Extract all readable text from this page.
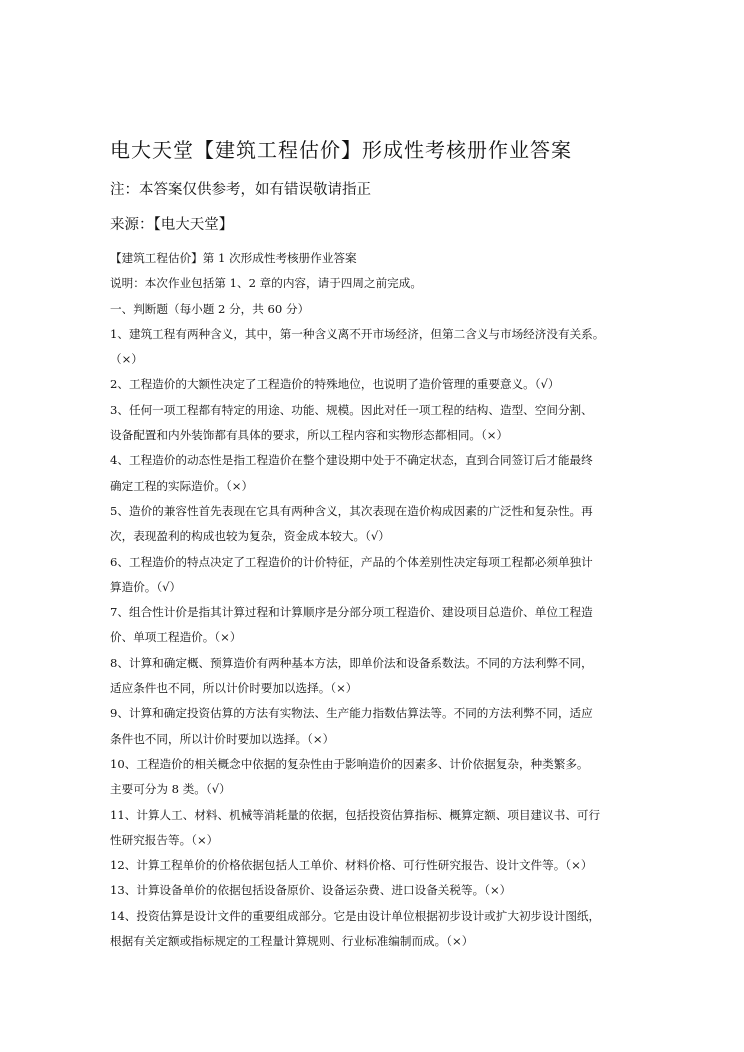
电大天堂【建筑工程估价】形成性考核册作业答案
注：本答案仅供参考，如有错误敬请指正
来源：【电大天堂】

【建筑工程估价】第 1 次形成性考核册作业答案

说明：本次作业包括第 1、2 章的内容，请于四周之前完成。

一、判断题（每小题 2 分，共 60 分）

1、建筑工程有两种含义，其中，第一种含义离不开市场经济，但第二含义与市场经济没有关系。

（×）

2、工程造价的大额性决定了工程造价的特殊地位，也说明了造价管理的重要意义。（√）

3、任何一项工程都有特定的用途、功能、规模。因此对任一项工程的结构、造型、空间分割、

设备配置和内外装饰都有具体的要求，所以工程内容和实物形态都相同。（×）

4、工程造价的动态性是指工程造价在整个建设期中处于不确定状态，直到合同签订后才能最终

确定工程的实际造价。（×）

5、造价的兼容性首先表现在它具有两种含义，其次表现在造价构成因素的广泛性和复杂性。再

次，表现盈利的构成也较为复杂，资金成本较大。（√）

6、工程造价的特点决定了工程造价的计价特征，产品的个体差别性决定每项工程都必须单独计

算造价。（√）

7、组合性计价是指其计算过程和计算顺序是分部分项工程造价、建设项目总造价、单位工程造

价、单项工程造价。（×）

8、计算和确定概、预算造价有两种基本方法，即单价法和设备系数法。不同的方法利弊不同，

适应条件也不同，所以计价时要加以选择。（×）

9、计算和确定投资估算的方法有实物法、生产能力指数估算法等。不同的方法利弊不同，适应

条件也不同，所以计价时要加以选择。（×）

10、工程造价的相关概念中依据的复杂性由于影响造价的因素多、计价依据复杂，种类繁多。

主要可分为 8 类。（√）

11、计算人工、材料、机械等消耗量的依据，包括投资估算指标、概算定额、项目建议书、可行

性研究报告等。（×）

12、计算工程单价的价格依据包括人工单价、材料价格、可行性研究报告、设计文件等。（×）

13、计算设备单价的依据包括设备原价、设备运杂费、进口设备关税等。（×）

14、投资估算是设计文件的重要组成部分。它是由设计单位根据初步设计或扩大初步设计图纸，

根据有关定额或指标规定的工程量计算规则、行业标准编制而成。（×）
